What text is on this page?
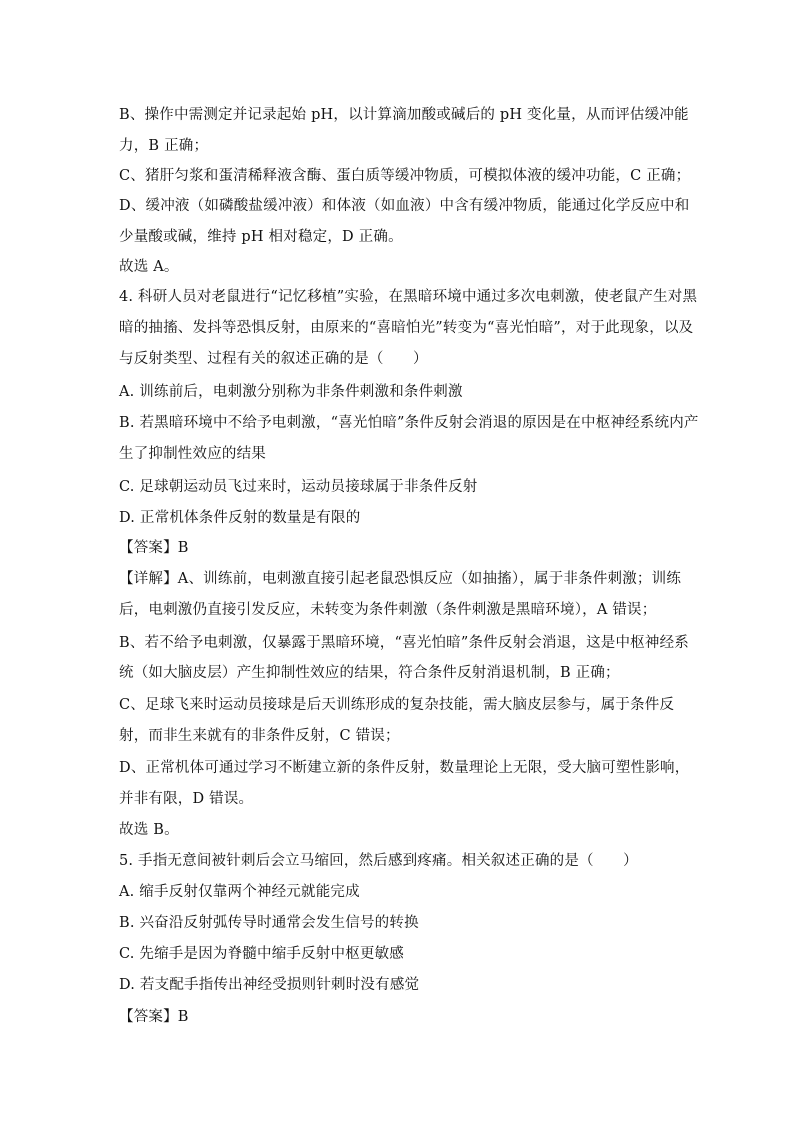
B、操作中需测定并记录起始 pH，以计算滴加酸或碱后的 pH 变化量，从而评估缓冲能
力，B 正确；
C、猪肝匀浆和蛋清稀释液含酶、蛋白质等缓冲物质，可模拟体液的缓冲功能，C 正确；
D、缓冲液（如磷酸盐缓冲液）和体液（如血液）中含有缓冲物质，能通过化学反应中和
少量酸或碱，维持 pH 相对稳定，D 正确。
故选 A。
4. 科研人员对老鼠进行“记忆移植”实验，在黑暗环境中通过多次电刺激，使老鼠产生对黑
暗的抽搐、发抖等恐惧反射，由原来的“喜暗怕光”转变为“喜光怕暗”，对于此现象，以及
与反射类型、过程有关的叙述正确的是（　　）
A. 训练前后，电刺激分别称为非条件刺激和条件刺激
B. 若黑暗环境中不给予电刺激，“喜光怕暗”条件反射会消退的原因是在中枢神经系统内产
生了抑制性效应的结果
C. 足球朝运动员飞过来时，运动员接球属于非条件反射
D. 正常机体条件反射的数量是有限的
【答案】B
【详解】A、训练前，电刺激直接引起老鼠恐惧反应（如抽搐），属于非条件刺激；训练
后，电刺激仍直接引发反应，未转变为条件刺激（条件刺激是黑暗环境），A 错误；
B、若不给予电刺激，仅暴露于黑暗环境，“喜光怕暗”条件反射会消退，这是中枢神经系
统（如大脑皮层）产生抑制性效应的结果，符合条件反射消退机制，B 正确；
C、足球飞来时运动员接球是后天训练形成的复杂技能，需大脑皮层参与，属于条件反
射，而非生来就有的非条件反射，C 错误；
D、正常机体可通过学习不断建立新的条件反射，数量理论上无限，受大脑可塑性影响，
并非有限，D 错误。
故选 B。
5. 手指无意间被针刺后会立马缩回，然后感到疼痛。相关叙述正确的是（　　）
A. 缩手反射仅靠两个神经元就能完成
B. 兴奋沿反射弧传导时通常会发生信号的转换
C. 先缩手是因为脊髓中缩手反射中枢更敏感
D. 若支配手指传出神经受损则针刺时没有感觉
【答案】B
